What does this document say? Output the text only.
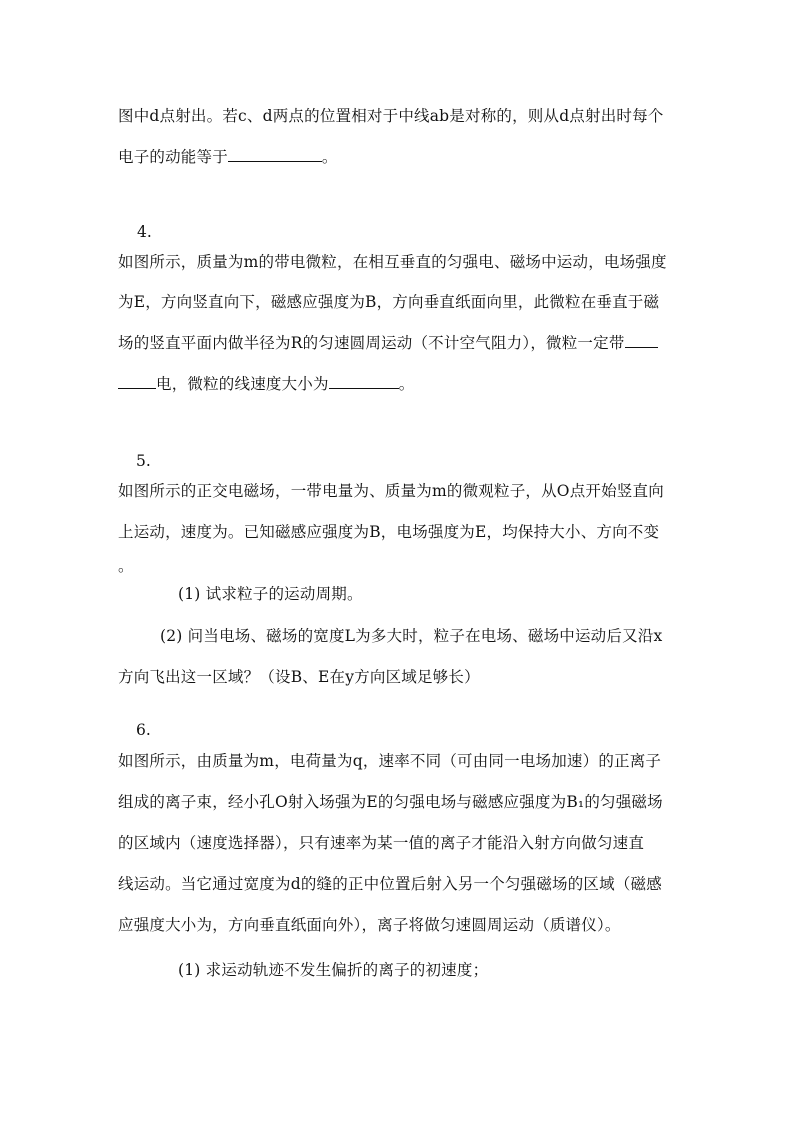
图中d点射出。若c、d两点的位置相对于中线ab是对称的，则从d点射出时每个
电子的动能等于	。
4.
如图所示，质量为m的带电微粒，在相互垂直的匀强电、磁场中运动，电场强度
为E，方向竖直向下，磁感应强度为B，方向垂直纸面向里，此微粒在垂直于磁
场的竖直平面内做半径为R的匀速圆周运动（不计空气阻力），微粒一定带
电，微粒的线速度大小为	。
5.
如图所示的正交电磁场，一带电量为、质量为m的微观粒子，从O点开始竖直向
上运动，速度为。已知磁感应强度为B，电场强度为E，均保持大小、方向不变
。
(1) 试求粒子的运动周期。
(2) 问当电场、磁场的宽度L为多大时，粒子在电场、磁场中运动后又沿x
方向飞出这一区域？（设B、E在y方向区域足够长）
6.
如图所示，由质量为m，电荷量为q，速率不同（可由同一电场加速）的正离子
组成的离子束，经小孔O射入场强为E的匀强电场与磁感应强度为B₁的匀强磁场
的区域内（速度选择器），只有速率为某一值的离子才能沿入射方向做匀速直
线运动。当它通过宽度为d的缝的正中位置后射入另一个匀强磁场的区域（磁感
应强度大小为，方向垂直纸面向外），离子将做匀速圆周运动（质谱仪）。
(1) 求运动轨迹不发生偏折的离子的初速度；
